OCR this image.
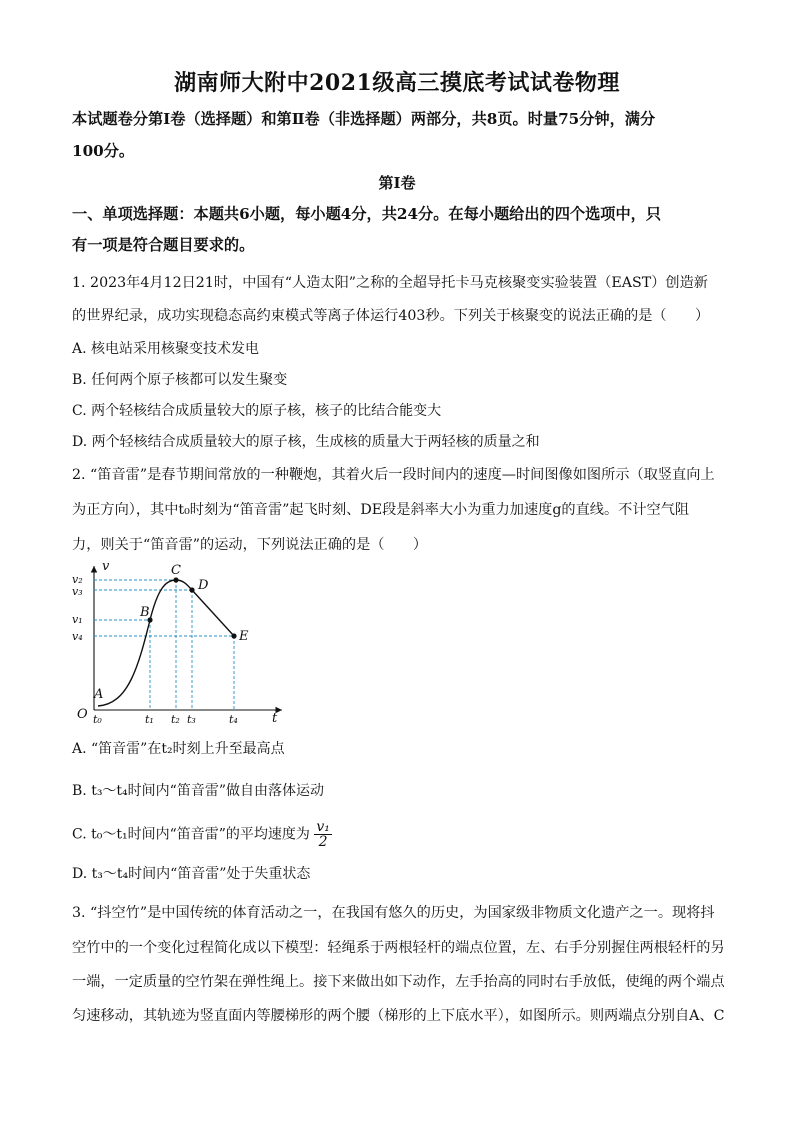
湖南师大附中2021级高三摸底考试试卷物理
本试题卷分第Ⅰ卷（选择题）和第Ⅱ卷（非选择题）两部分，共8页。时量75分钟，满分
100分。
第Ⅰ卷
一、单项选择题：本题共6小题，每小题4分，共24分。在每小题给出的四个选项中，只
有一项是符合题目要求的。
1. 2023年4月12日21时，中国有“人造太阳”之称的全超导托卡马克核聚变实验装置（EAST）创造新
的世界纪录，成功实现稳态高约束模式等离子体运行403秒。下列关于核聚变的说法正确的是（　　）
A. 核电站采用核聚变技术发电
B. 任何两个原子核都可以发生聚变
C. 两个轻核结合成质量较大的原子核，核子的比结合能变大
D. 两个轻核结合成质量较大的原子核，生成核的质量大于两轻核的质量之和
2. “笛音雷”是春节期间常放的一种鞭炮，其着火后一段时间内的速度—时间图像如图所示（取竖直向上
为正方向），其中t₀时刻为“笛音雷”起飞时刻、DE段是斜率大小为重力加速度g的直线。不计空气阻
力，则关于“笛音雷”的运动，下列说法正确的是（　　）
v
t
O
A
B
C
D
E
v₂
v₃
v₁
v₄
t₀	t₁ t₂ t₃	t₄
A. “笛音雷”在t₂时刻上升至最高点
B. t₃～t₄时间内“笛音雷”做自由落体运动
C. t₀～t₁时间内“笛音雷”的平均速度为 $\frac{\text{v₁}}{2}$
D. t₃～t₄时间内“笛音雷”处于失重状态
3. “抖空竹”是中国传统的体育活动之一，在我国有悠久的历史，为国家级非物质文化遗产之一。现将抖
空竹中的一个变化过程简化成以下模型：轻绳系于两根轻杆的端点位置，左、右手分别握住两根轻杆的另
一端，一定质量的空竹架在弹性绳上。接下来做出如下动作，左手抬高的同时右手放低，使绳的两个端点
匀速移动，其轨迹为竖直面内等腰梯形的两个腰（梯形的上下底水平），如图所示。则两端点分别自A、C
